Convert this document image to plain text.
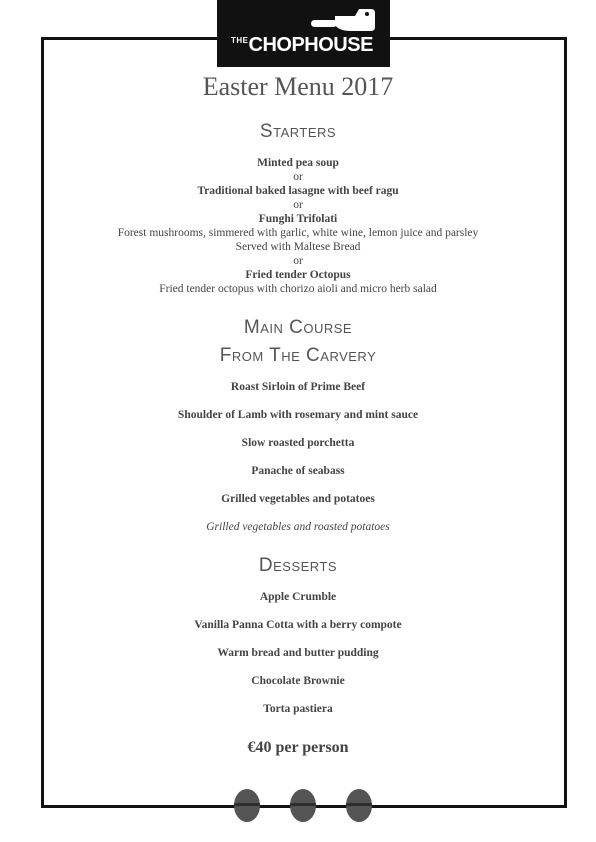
$^{THE}$CHOPHOUSE
Easter Menu 2017
Starters
Minted pea soup
or
Traditional baked lasagne with beef ragu
or
Funghi Trifolati
Forest mushrooms, simmered with garlic, white wine, lemon juice and parsley
Served with Maltese Bread
or
Fried tender Octopus
Fried tender octopus with chorizo aioli and micro herb salad
Main Course
From The Carvery
Roast Sirloin of Prime Beef
Shoulder of Lamb with rosemary and mint sauce
Slow roasted porchetta
Panache of seabass
Grilled vegetables and potatoes
Grilled vegetables and roasted potatoes
Desserts
Apple Crumble
Vanilla Panna Cotta with a berry compote
Warm bread and butter pudding
Chocolate Brownie
Torta pastiera
€40 per person
